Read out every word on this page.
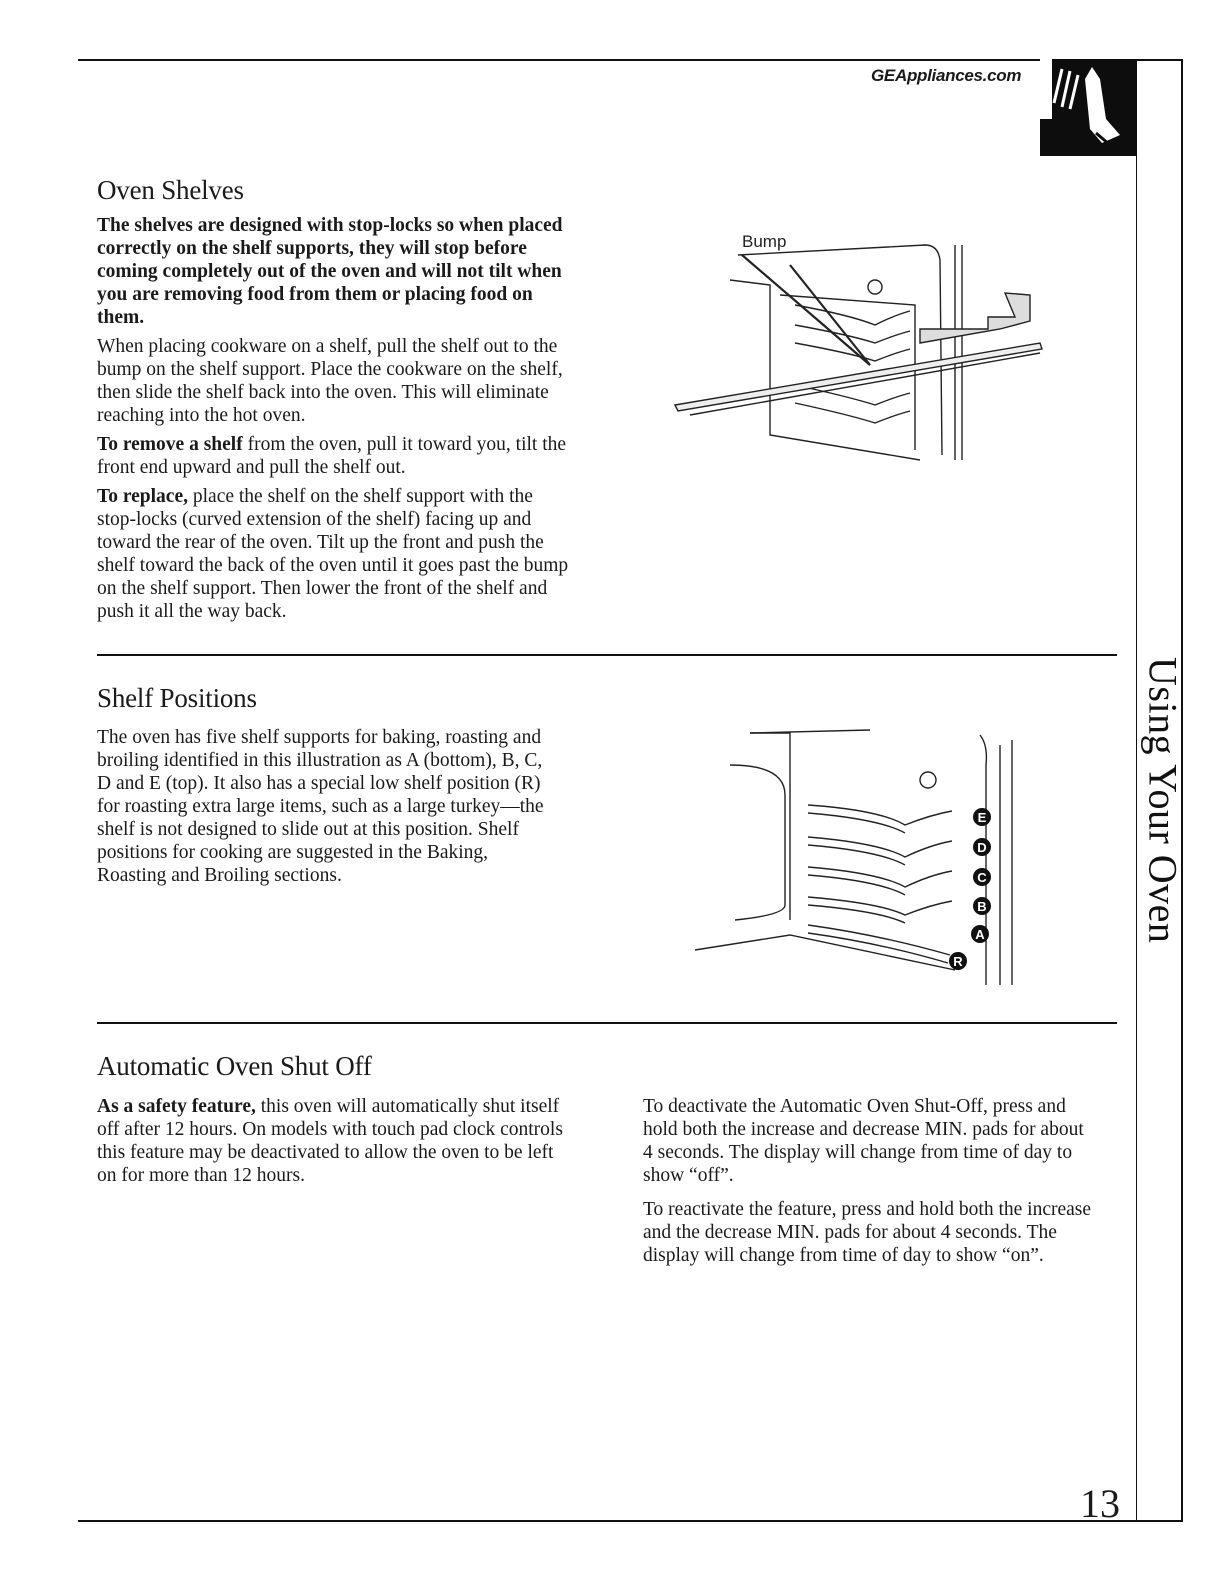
GEAppliances.com
Oven Shelves

The shelves are designed with stop-locks so when placed correctly on the shelf supports, they will stop before coming completely out of the oven and will not tilt when you are removing food from them or placing food on them.

When placing cookware on a shelf, pull the shelf out to the bump on the shelf support. Place the cookware on the shelf, then slide the shelf back into the oven. This will eliminate reaching into the hot oven.

To remove a shelf from the oven, pull it toward you, tilt the front end upward and pull the shelf out.

To replace, place the shelf on the shelf support with the stop-locks (curved extension of the shelf) facing up and toward the rear of the oven. Tilt up the front and push the shelf toward the back of the oven until it goes past the bump on the shelf support. Then lower the front of the shelf and push it all the way back.

Bump
Shelf Positions

The oven has five shelf supports for baking, roasting and broiling identified in this illustration as A (bottom), B, C, D and E (top). It also has a special low shelf position (R) for roasting extra large items, such as a large turkey—the shelf is not designed to slide out at this position. Shelf positions for cooking are suggested in the Baking, Roasting and Broiling sections.

E
D
C
B
A
R
Automatic Oven Shut Off

As a safety feature, this oven will automatically shut itself off after 12 hours. On models with touch pad clock controls this feature may be deactivated to allow the oven to be left on for more than 12 hours.

To deactivate the Automatic Oven Shut-Off, press and hold both the increase and decrease MIN. pads for about 4 seconds. The display will change from time of day to show “off”.

To reactivate the feature, press and hold both the increase and the decrease MIN. pads for about 4 seconds. The display will change from time of day to show “on”.

Using Your Oven
13
